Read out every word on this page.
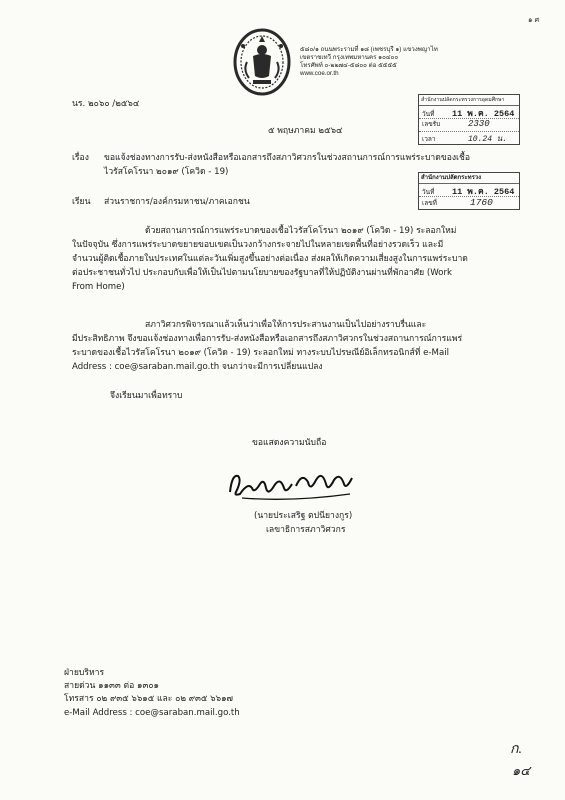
๑ ศ
๕๘๐/๑ ถนนพระรามที่ ๑๘ (เพชรบุรี ๑) แขวงพญาไท
เขตราชเทวี กรุงเทพมหานคร ๑๐๔๐๐
โทรศัพท์ ๐-๒๒๗๔-๕๘๐๐ ต่อ ๕๕๕๕
www.coe.or.th
นร. ๒๐๖๐ /๒๕๖๔
๕ พฤษภาคม ๒๕๖๔
สำนักงานปลัดกระทรวงการอุดมศึกษา
วันที่	11 พ.ค. 2564
เลขรับ	2330
เวลา	10.24 น.
เรื่อง ขอแจ้งช่องทางการรับ-ส่งหนังสือหรือเอกสารถึงสภาวิศวกรในช่วงสถานการณ์การแพร่ระบาดของเชื้อ
ไวรัสโคโรนา ๒๐๑๙ (โควิด - 19)
สำนักงานปลัดกระทรวง
วันที่	11 พ.ค. 2564
เลขที่	1760
เรียน ส่วนราชการ/องค์กรมหาชน/ภาคเอกชน
ด้วยสถานการณ์การแพร่ระบาดของเชื้อไวรัสโคโรนา ๒๐๑๙ (โควิด - 19) ระลอกใหม่
ในปัจจุบัน ซึ่งการแพร่ระบาดขยายขอบเขตเป็นวงกว้างกระจายไปในหลายเขตพื้นที่อย่างรวดเร็ว และมี
จำนวนผู้ติดเชื้อภายในประเทศในแต่ละวันเพิ่มสูงขึ้นอย่างต่อเนื่อง ส่งผลให้เกิดความเสี่ยงสูงในการแพร่ระบาด
ต่อประชาชนทั่วไป ประกอบกับเพื่อให้เป็นไปตามนโยบายของรัฐบาลที่ให้ปฏิบัติงานผ่านที่พักอาศัย (Work
From Home)
สภาวิศวกรพิจารณาแล้วเห็นว่าเพื่อให้การประสานงานเป็นไปอย่างราบรื่นและ
มีประสิทธิภาพ จึงขอแจ้งช่องทางเพื่อการรับ-ส่งหนังสือหรือเอกสารถึงสภาวิศวกรในช่วงสถานการณ์การแพร่
ระบาดของเชื้อไวรัสโคโรนา ๒๐๑๙ (โควิด - 19) ระลอกใหม่ ทางระบบไปรษณีย์อิเล็กทรอนิกส์ที่ e-Mail
Address : coe@saraban.mail.go.th จนกว่าจะมีการเปลี่ยนแปลง
จึงเรียนมาเพื่อทราบ
ขอแสดงความนับถือ
(นายประเสริฐ ตปนียางกูร)
เลขาธิการสภาวิศวกร
ฝ่ายบริหาร
สายด่วน ๑๑๓๓ ต่อ ๑๓๐๑
โทรสาร ๐๒ ๙๓๕ ๖๖๑๕ และ ๐๒ ๙๓๕ ๖๖๑๗
e-Mail Address : coe@saraban.mail.go.th
ก.
๑๔
